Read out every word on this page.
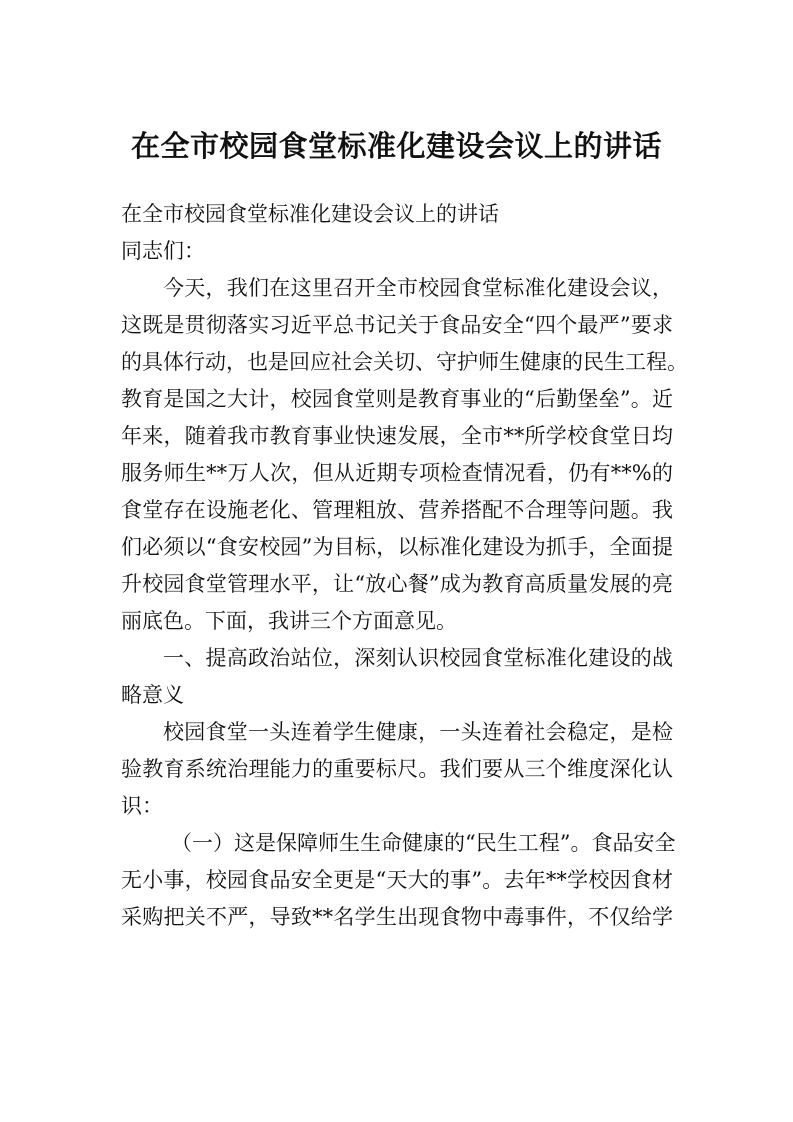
在全市校园食堂标准化建设会议上的讲话

在全市校园食堂标准化建设会议上的讲话

同志们：

今天，我们在这里召开全市校园食堂标准化建设会议，

这既是贯彻落实习近平总书记关于食品安全“四个最严”要求

的具体行动，也是回应社会关切、守护师生健康的民生工程。

教育是国之大计，校园食堂则是教育事业的“后勤堡垒”。近

年来，随着我市教育事业快速发展，全市**所学校食堂日均

服务师生**万人次，但从近期专项检查情况看，仍有**%的

食堂存在设施老化、管理粗放、营养搭配不合理等问题。我

们必须以“食安校园”为目标，以标准化建设为抓手，全面提

升校园食堂管理水平，让“放心餐”成为教育高质量发展的亮

丽底色。下面，我讲三个方面意见。

一、提高政治站位，深刻认识校园食堂标准化建设的战

略意义

校园食堂一头连着学生健康，一头连着社会稳定，是检

验教育系统治理能力的重要标尺。我们要从三个维度深化认

识：

（一）这是保障师生生命健康的“民生工程”。食品安全

无小事，校园食品安全更是“天大的事”。去年**学校因食材

采购把关不严，导致**名学生出现食物中毒事件，不仅给学
